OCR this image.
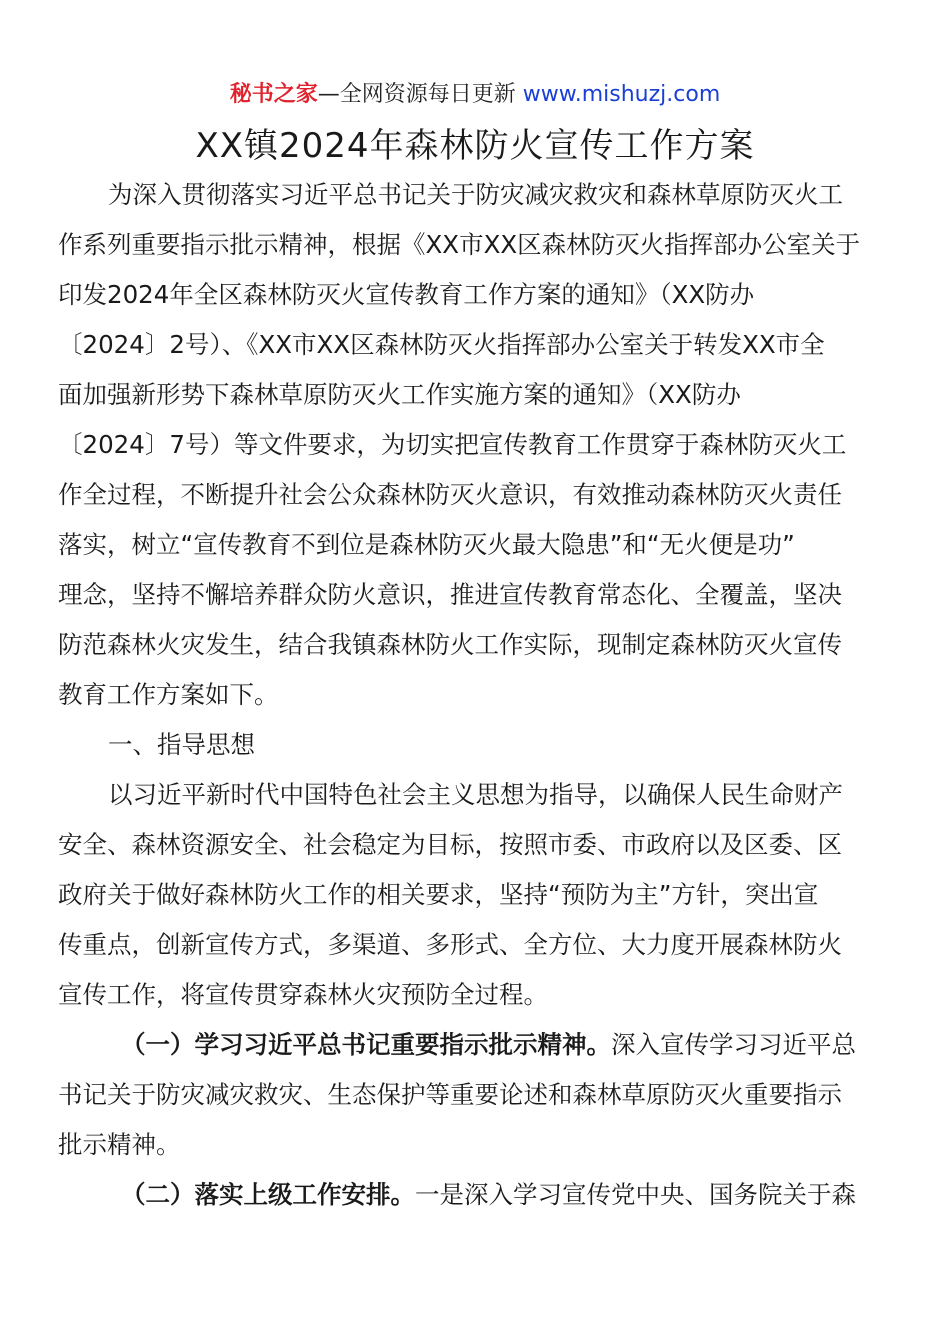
秘书之家—全网资源每日更新 www.mishuzj.com
XX镇2024年森林防火宣传工作方案
为深入贯彻落实习近平总书记关于防灾减灾救灾和森林草原防灭火工
作系列重要指示批示精神，根据《XX市XX区森林防灭火指挥部办公室关于
印发2024年全区森林防灭火宣传教育工作方案的通知》（XX防办
〔2024〕2号）、《XX市XX区森林防灭火指挥部办公室关于转发XX市全
面加强新形势下森林草原防灭火工作实施方案的通知》（XX防办
〔2024〕7号）等文件要求，为切实把宣传教育工作贯穿于森林防灭火工
作全过程，不断提升社会公众森林防灭火意识，有效推动森林防灭火责任
落实，树立“宣传教育不到位是森林防灭火最大隐患”和“无火便是功”
理念，坚持不懈培养群众防火意识，推进宣传教育常态化、全覆盖，坚决
防范森林火灾发生，结合我镇森林防火工作实际，现制定森林防灭火宣传
教育工作方案如下。
一、指导思想
以习近平新时代中国特色社会主义思想为指导，以确保人民生命财产
安全、森林资源安全、社会稳定为目标，按照市委、市政府以及区委、区
政府关于做好森林防火工作的相关要求，坚持“预防为主”方针，突出宣
传重点，创新宣传方式，多渠道、多形式、全方位、大力度开展森林防火
宣传工作，将宣传贯穿森林火灾预防全过程。
（一）学习习近平总书记重要指示批示精神。深入宣传学习习近平总
书记关于防灾减灾救灾、生态保护等重要论述和森林草原防灭火重要指示
批示精神。
（二）落实上级工作安排。一是深入学习宣传党中央、国务院关于森
